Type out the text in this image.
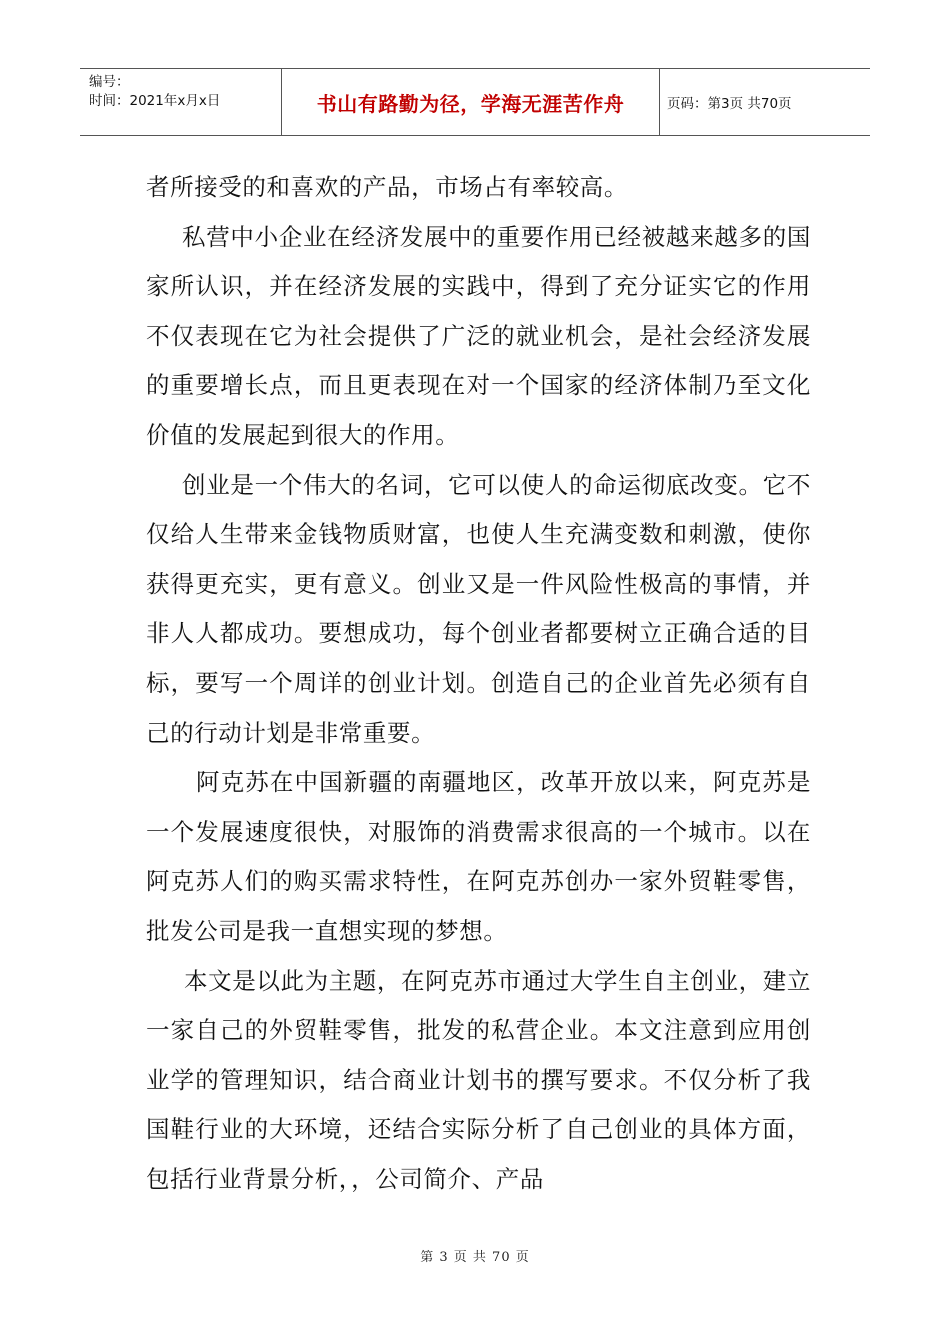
编号：
时间：2021年x月x日	书山有路勤为径，学海无涯苦作舟	页码：第3页 共70页

者所接受的和喜欢的产品，市场占有率较高。

私营中小企业在经济发展中的重要作用已经被越来越多的国家所认识，并在经济发展的实践中，得到了充分证实它的作用不仅表现在它为社会提供了广泛的就业机会，是社会经济发展的重要增长点，而且更表现在对一个国家的经济体制乃至文化价值的发展起到很大的作用。

创业是一个伟大的名词，它可以使人的命运彻底改变。它不仅给人生带来金钱物质财富，也使人生充满变数和刺激，使你获得更充实，更有意义。创业又是一件风险性极高的事情，并非人人都成功。要想成功，每个创业者都要树立正确合适的目标，要写一个周详的创业计划。创造自己的企业首先必须有自己的行动计划是非常重要。

阿克苏在中国新疆的南疆地区，改革开放以来，阿克苏是一个发展速度很快，对服饰的消费需求很高的一个城市。以在阿克苏人们的购买需求特性，在阿克苏创办一家外贸鞋零售，批发公司是我一直想实现的梦想。

本文是以此为主题，在阿克苏市通过大学生自主创业，建立一家自己的外贸鞋零售，批发的私营企业。本文注意到应用创业学的管理知识，结合商业计划书的撰写要求。不仅分析了我国鞋行业的大环境，还结合实际分析了自己创业的具体方面，包括行业背景分析，，公司简介、产品

第 3 页 共 70 页
